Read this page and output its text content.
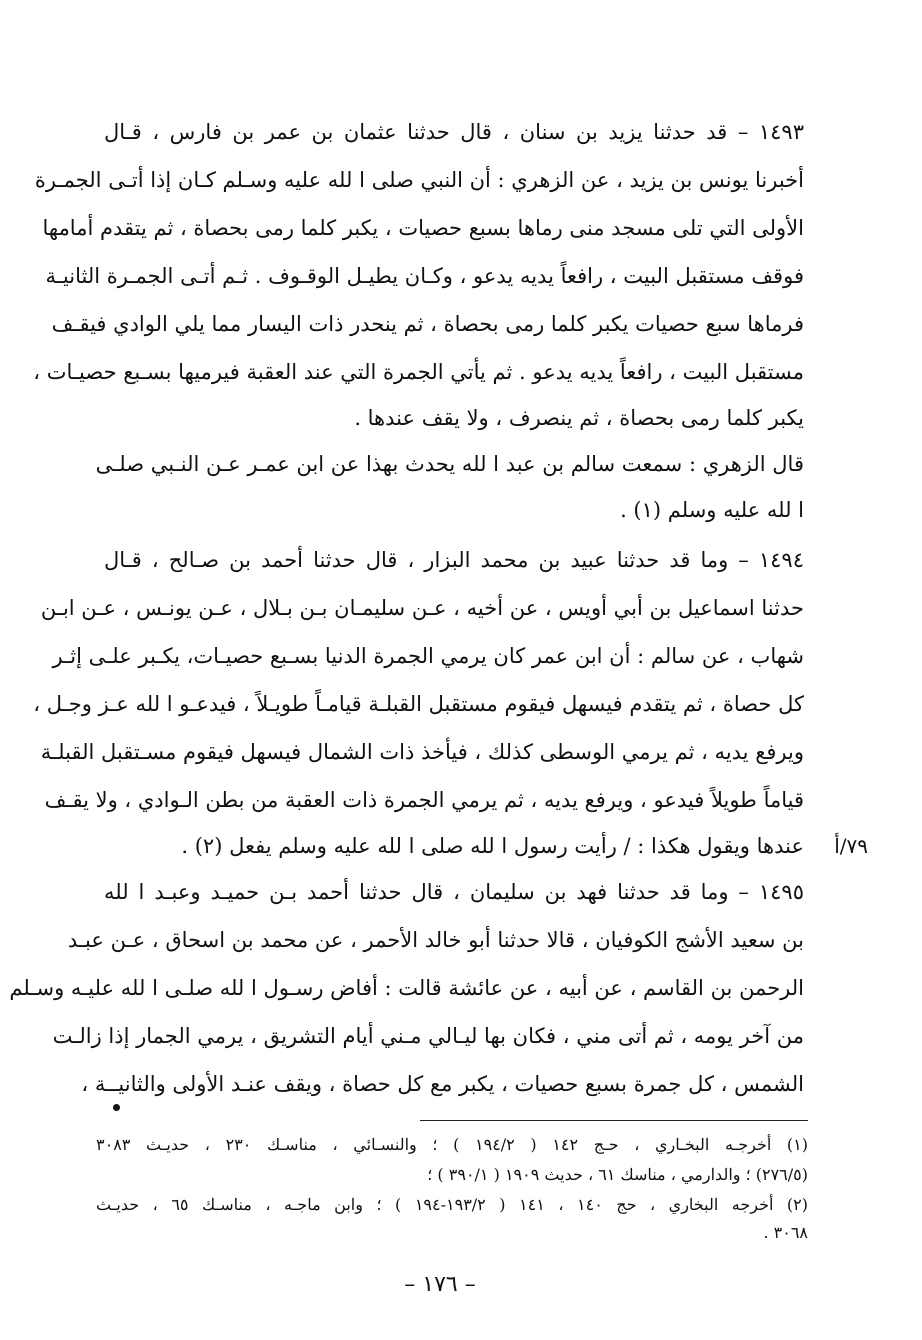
١٤٩٣ – قد حدثنا يزيد بن سنان ، قال حدثنا عثمان بن عمر بن فارس ، قـال
أخبرنا يونس بن يزيد ، عن الزهري : أن النبي صلى ا لله عليه وسـلم كـان إذا أتـى الجمـرة
الأولى التي تلى مسجد منى رماها بسبع حصيات ، يكبر كلما رمى بحصاة ، ثم يتقدم أمامها
فوقف مستقبل البيت ، رافعاً يديه يدعو ، وكـان يطيـل الوقـوف . ثـم أتـى الجمـرة الثانيـة
فرماها سبع حصيات يكبر كلما رمى بحصاة ، ثم ينحدر ذات اليسار مما يلي الوادي فيقـف
مستقبل البيت ، رافعاً يديه يدعو . ثم يأتي الجمرة التي عند العقبة فيرميها بسـبع حصيـات ،
يكبر كلما رمى بحصاة ، ثم ينصرف ، ولا يقف عندها .
قال الزهري : سمعت سالم بن عبد ا لله يحدث بهذا عن ابن عمـر عـن النـبي صلـى
ا لله عليه وسلم (١) .
١٤٩٤ – وما قد حدثنا عبيد بن محمد البزار ، قال حدثنا أحمد بن صـالح ، قـال
حدثنا اسماعيل بن أبي أويس ، عن أخيه ، عـن سليمـان بـن بـلال ، عـن يونـس ، عـن ابـن
شهاب ، عن سالم : أن ابن عمر كان يرمي الجمرة الدنيا بسـبع حصيـات، يكـبر علـى إثـر
كل حصاة ، ثم يتقدم فيسهل فيقوم مستقبل القبلـة قيامـاً طويـلاً ، فيدعـو ا لله عـز وجـل ،
ويرفع يديه ، ثم يرمي الوسطى كذلك ، فيأخذ ذات الشمال فيسهل فيقوم مسـتقبل القبلـة
قياماً طويلاً فيدعو ، ويرفع يديه ، ثم يرمي الجمرة ذات العقبة من بطن الـوادي ، ولا يقـف
عندها ويقول هكذا : / رأيت رسول ا لله صلى ا لله عليه وسلم يفعل (٢) .
١٤٩٥ – وما قد حدثنا فهد بن سليمان ، قال حدثنا أحمد بـن حميـد وعبـد ا لله
بن سعيد الأشج الكوفيان ، قالا حدثنا أبو خالد الأحمر ، عن محمد بن اسحاق ، عـن عبـد
الرحمن بن القاسم ، عن أبيه ، عن عائشة قالت : أفاض رسـول ا لله صلـى ا لله عليـه وسـلم
من آخر يومه ، ثم أتى مني ، فكان بها ليـالي مـني أيام التشريق ، يرمي الجمار إذا زالـت
الشمس ، كل جمرة بسبع حصيات ، يكبر مع كل حصاة ، ويقف عنـد الأولى والثانيــة ،
٧٩/أ
(١) أخرجـه البخـاري ، حـج ١٤٢ ( ١٩٤/٢ ) ؛ والنسـائي ، مناسـك ٢٣٠ ، حديـث ٣٠٨٣
(٢٧٦/٥) ؛ والدارمي ، مناسك ٦١ ، حديث ١٩٠٩ ( ٣٩٠/١ ) ؛
(٢) أخرجه البخاري ، حج ١٤٠ ، ١٤١ ( ١٩٣/٢-١٩٤ ) ؛ وابن ماجـه ، مناسـك ٦٥ ، حديـث
٣٠٦٨ .
– ١٧٦ –
